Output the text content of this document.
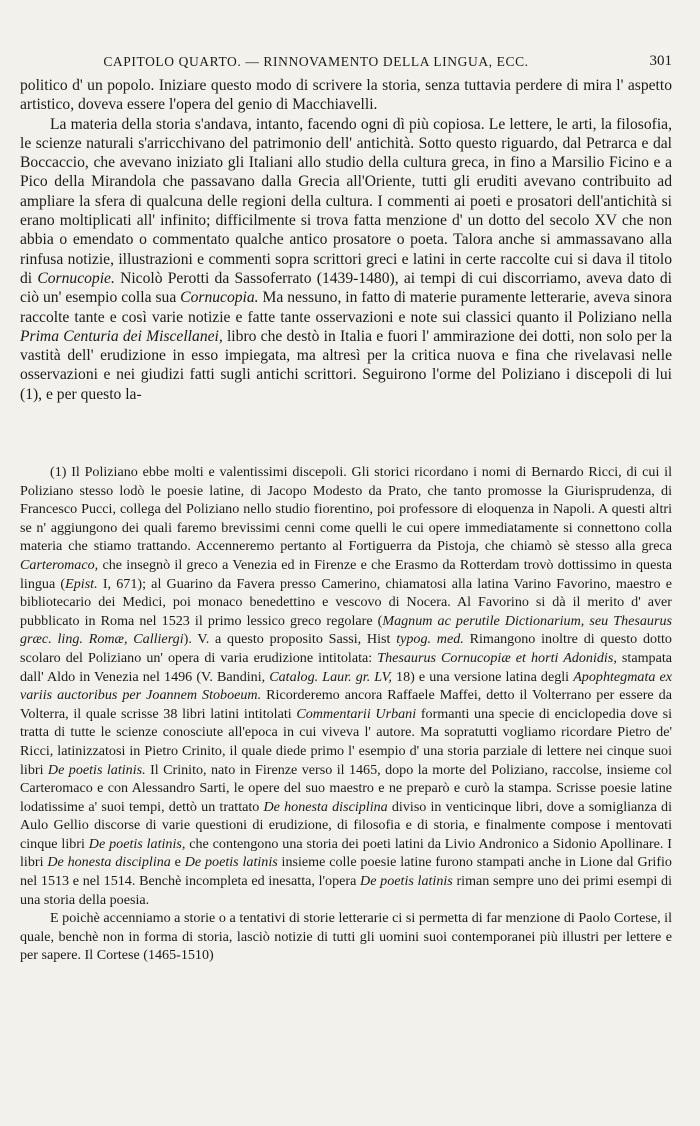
CAPITOLO QUARTO. — RINNOVAMENTO DELLA LINGUA, ECC.	301

politico d' un popolo. Iniziare questo modo di scrivere la storia, senza tuttavia perdere di mira l' aspetto artistico, doveva essere l'opera del genio di Macchiavelli.

La materia della storia s'andava, intanto, facendo ogni dì più copiosa. Le lettere, le arti, la filosofia, le scienze naturali s'arricchivano del patrimonio dell' antichità. Sotto questo riguardo, dal Petrarca e dal Boccaccio, che avevano iniziato gli Italiani allo studio della cultura greca, in fino a Marsilio Ficino e a Pico della Mirandola che passavano dalla Grecia all'Oriente, tutti gli eruditi avevano contribuito ad ampliare la sfera di qualcuna delle regioni della cultura. I commenti ai poeti e prosatori dell'antichità si erano moltiplicati all' infinito; difficilmente si trova fatta menzione d' un dotto del secolo XV che non abbia o emendato o commentato qualche antico prosatore o poeta. Talora anche si ammassavano alla rinfusa notizie, illustrazioni e commenti sopra scrittori greci e latini in certe raccolte cui si dava il titolo di Cornucopie. Nicolò Perotti da Sassoferrato (1439-1480), ai tempi di cui discorriamo, aveva dato di ciò un' esempio colla sua Cornucopia. Ma nessuno, in fatto di materie puramente letterarie, aveva sinora raccolte tante e così varie notizie e fatte tante osservazioni e note sui classici quanto il Poliziano nella Prima Centuria dei Miscellanei, libro che destò in Italia e fuori l' ammirazione dei dotti, non solo per la vastità dell' erudizione in esso impiegata, ma altresì per la critica nuova e fina che rivelavasi nelle osservazioni e nei giudizi fatti sugli antichi scrittori. Seguirono l'orme del Poliziano i discepoli di lui (1), e per questo la-

(1) Il Poliziano ebbe molti e valentissimi discepoli. Gli storici ricordano i nomi di Bernardo Ricci, di cui il Poliziano stesso lodò le poesie latine, di Jacopo Modesto da Prato, che tanto promosse la Giurisprudenza, di Francesco Pucci, collega del Poliziano nello studio fiorentino, poi professore di eloquenza in Napoli. A questi altri se n' aggiungono dei quali faremo brevissimi cenni come quelli le cui opere immediatamente si connettono colla materia che stiamo trattando. Accenneremo pertanto al Fortiguerra da Pistoja, che chiamò sè stesso alla greca Carteromaco, che insegnò il greco a Venezia ed in Firenze e che Erasmo da Rotterdam trovò dottissimo in questa lingua (Epist. I, 671); al Guarino da Favera presso Camerino, chiamatosi alla latina Varino Favorino, maestro e bibliotecario dei Medici, poi monaco benedettino e vescovo di Nocera. Al Favorino si dà il merito d' aver pubblicato in Roma nel 1523 il primo lessico greco regolare (Magnum ac perutile Dictionarium, seu Thesaurus græc. ling. Romæ, Calliergi). V. a questo proposito Sassi, Hist typog. med. Rimangono inoltre di questo dotto scolaro del Poliziano un' opera di varia erudizione intitolata: Thesaurus Cornucopiæ et horti Adonidis, stampata dall' Aldo in Venezia nel 1496 (V. Bandini, Catalog. Laur. gr. LV, 18) e una versione latina degli Apophtegmata ex variis auctoribus per Joannem Stoboeum. Ricorderemo ancora Raffaele Maffei, detto il Volterrano per essere da Volterra, il quale scrisse 38 libri latini intitolati Commentarii Urbani formanti una specie di enciclopedia dove si tratta di tutte le scienze conosciute all'epoca in cui viveva l' autore. Ma sopratutti vogliamo ricordare Pietro de' Ricci, latinizzatosi in Pietro Crinito, il quale diede primo l' esempio d' una storia parziale di lettere nei cinque suoi libri De poetis latinis. Il Crinito, nato in Firenze verso il 1465, dopo la morte del Poliziano, raccolse, insieme col Carteromaco e con Alessandro Sarti, le opere del suo maestro e ne preparò e curò la stampa. Scrisse poesie latine lodatissime a' suoi tempi, dettò un trattato De honesta disciplina diviso in venticinque libri, dove a somiglianza di Aulo Gellio discorse di varie questioni di erudizione, di filosofia e di storia, e finalmente compose i mentovati cinque libri De poetis latinis, che contengono una storia dei poeti latini da Livio Andronico a Sidonio Apollinare. I libri De honesta disciplina e De poetis latinis insieme colle poesie latine furono stampati anche in Lione dal Grifio nel 1513 e nel 1514. Benchè incompleta ed inesatta, l'opera De poetis latinis riman sempre uno dei primi esempi di una storia della poesia.

E poichè accenniamo a storie o a tentativi di storie letterarie ci si permetta di far menzione di Paolo Cortese, il quale, benchè non in forma di storia, lasciò notizie di tutti gli uomini suoi contemporanei più illustri per lettere e per sapere. Il Cortese (1465-1510)
